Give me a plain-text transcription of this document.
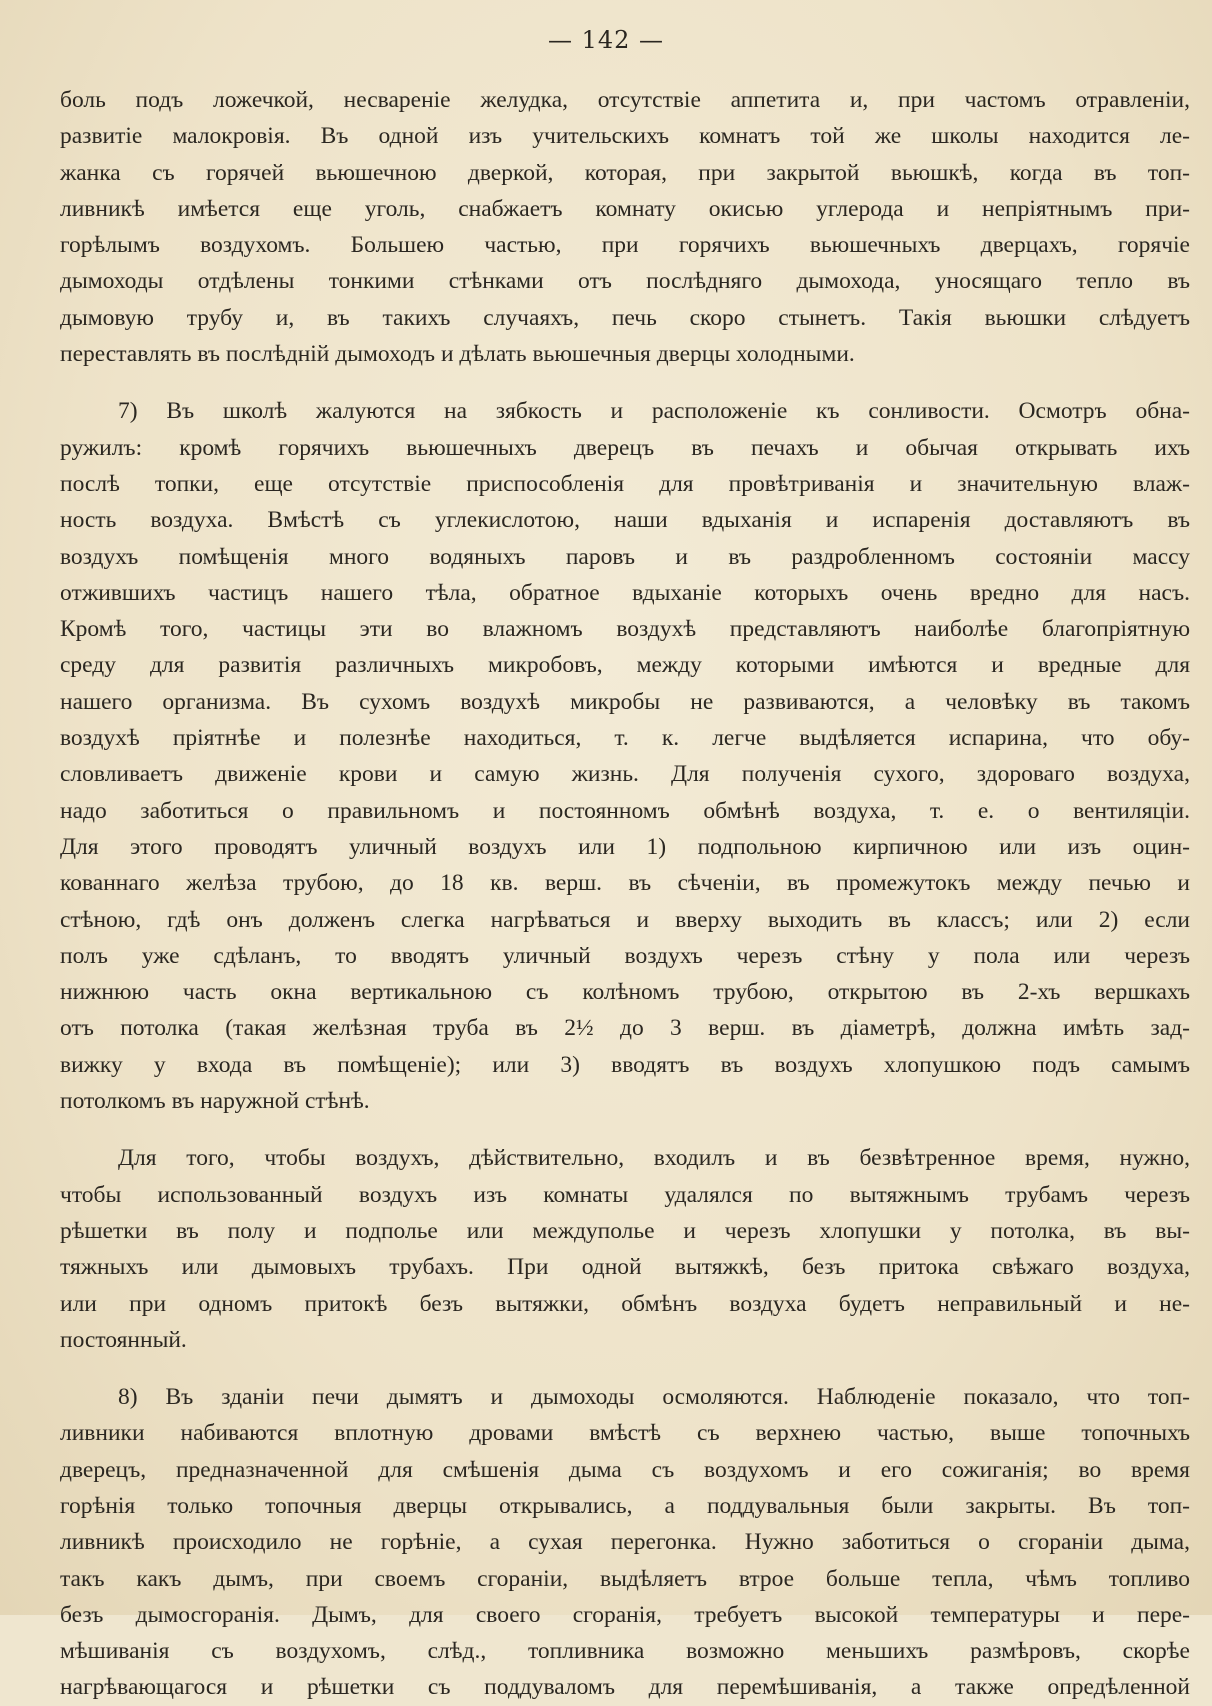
— 142 —
боль подъ ложечкой, несвареніе желудка, отсутствіе аппетита и, при частомъ отравленіи,
развитіе малокровія. Въ одной изъ учительскихъ комнатъ той же школы находится ле-
жанка съ горячей вьюшечною дверкой, которая, при закрытой вьюшкѣ, когда въ топ-
ливникѣ имѣется еще уголь, снабжаетъ комнату окисью углерода и непріятнымъ при-
горѣлымъ воздухомъ. Большею частью, при горячихъ вьюшечныхъ дверцахъ, горячіе
дымоходы отдѣлены тонкими стѣнками отъ послѣдняго дымохода, уносящаго тепло въ
дымовую трубу и, въ такихъ случаяхъ, печь скоро стынетъ. Такія вьюшки слѣдуетъ
переставлять въ послѣдній дымоходъ и дѣлать вьюшечныя дверцы холодными.
7) Въ школѣ жалуются на зябкость и расположеніе къ сонливости. Осмотръ обна-
ружилъ: кромѣ горячихъ вьюшечныхъ дверецъ въ печахъ и обычая открывать ихъ
послѣ топки, еще отсутствіе приспособленія для провѣтриванія и значительную влаж-
ность воздуха. Вмѣстѣ съ углекислотою, наши вдыханія и испаренія доставляютъ въ
воздухъ помѣщенія много водяныхъ паровъ и въ раздробленномъ состояніи массу
отжившихъ частицъ нашего тѣла, обратное вдыханіе которыхъ очень вредно для насъ.
Кромѣ того, частицы эти во влажномъ воздухѣ представляютъ наиболѣе благопріятную
среду для развитія различныхъ микробовъ, между которыми имѣются и вредные для
нашего организма. Въ сухомъ воздухѣ микробы не развиваются, а человѣку въ такомъ
воздухѣ пріятнѣе и полезнѣе находиться, т. к. легче выдѣляется испарина, что обу-
словливаетъ движеніе крови и самую жизнь. Для полученія сухого, здороваго воздуха,
надо заботиться о правильномъ и постоянномъ обмѣнѣ воздуха, т. е. о вентиляціи.
Для этого проводятъ уличный воздухъ или 1) подпольною кирпичною или изъ оцин-
кованнаго желѣза трубою, до 18 кв. верш. въ сѣченіи, въ промежутокъ между печью и
стѣною, гдѣ онъ долженъ слегка нагрѣваться и вверху выходить въ классъ; или 2) если
полъ уже сдѣланъ, то вводятъ уличный воздухъ черезъ стѣну у пола или черезъ
нижнюю часть окна вертикальною съ колѣномъ трубою, открытою въ 2-хъ вершкахъ
отъ потолка (такая желѣзная труба въ 2½ до 3 верш. въ діаметрѣ, должна имѣть зад-
вижку у входа въ помѣщеніе); или 3) вводятъ въ воздухъ хлопушкою подъ самымъ
потолкомъ въ наружной стѣнѣ.
Для того, чтобы воздухъ, дѣйствительно, входилъ и въ безвѣтренное время, нужно,
чтобы использованный воздухъ изъ комнаты удалялся по вытяжнымъ трубамъ черезъ
рѣшетки въ полу и подполье или междуполье и черезъ хлопушки у потолка, въ вы-
тяжныхъ или дымовыхъ трубахъ. При одной вытяжкѣ, безъ притока свѣжаго воздуха,
или при одномъ притокѣ безъ вытяжки, обмѣнъ воздуха будетъ неправильный и не-
постоянный.
8) Въ зданіи печи дымятъ и дымоходы осмоляются. Наблюденіе показало, что топ-
ливники набиваются вплотную дровами вмѣстѣ съ верхнею частью, выше топочныхъ
дверецъ, предназначенной для смѣшенія дыма съ воздухомъ и его сожиганія; во время
горѣнія только топочныя дверцы открывались, а поддувальныя были закрыты. Въ топ-
ливникѣ происходило не горѣніе, а сухая перегонка. Нужно заботиться о сгораніи дыма,
такъ какъ дымъ, при своемъ сгораніи, выдѣляетъ втрое больше тепла, чѣмъ топливо
безъ дымосгоранія. Дымъ, для своего сгоранія, требуетъ высокой температуры и пере-
мѣшиванія съ воздухомъ, слѣд., топливника возможно меньшихъ размѣровъ, скорѣе
нагрѣвающагося и рѣшетки съ поддуваломъ для перемѣшиванія, а также опредѣленной
